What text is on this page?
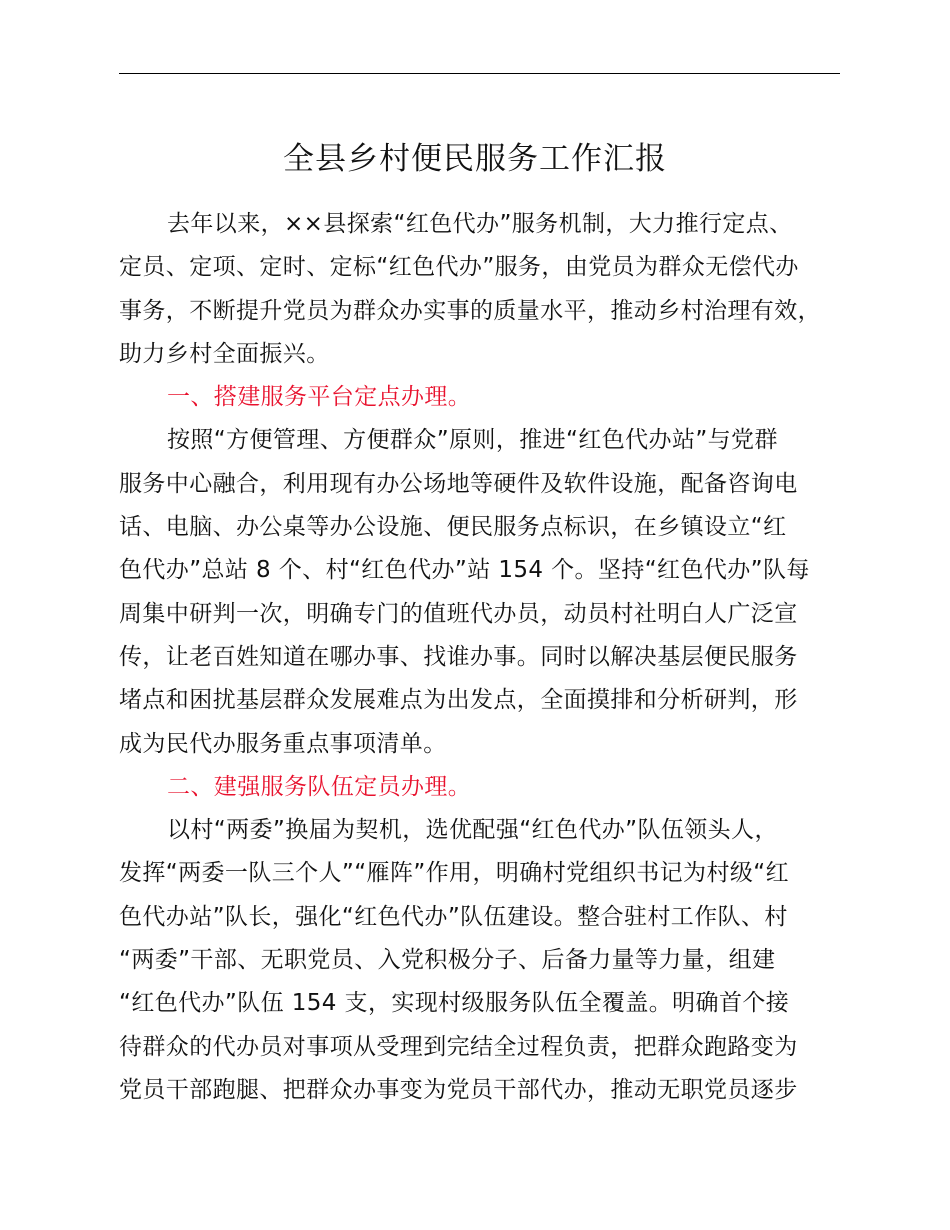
全县乡村便民服务工作汇报
去年以来，××县探索“红色代办”服务机制，大力推行定点、
定员、定项、定时、定标“红色代办”服务，由党员为群众无偿代办
事务，不断提升党员为群众办实事的质量水平，推动乡村治理有效，
助力乡村全面振兴。
一、搭建服务平台定点办理。
按照“方便管理、方便群众”原则，推进“红色代办站”与党群
服务中心融合，利用现有办公场地等硬件及软件设施，配备咨询电
话、电脑、办公桌等办公设施、便民服务点标识，在乡镇设立“红
色代办”总站 8 个、村“红色代办”站 154 个。坚持“红色代办”队每
周集中研判一次，明确专门的值班代办员，动员村社明白人广泛宣
传，让老百姓知道在哪办事、找谁办事。同时以解决基层便民服务
堵点和困扰基层群众发展难点为出发点，全面摸排和分析研判，形
成为民代办服务重点事项清单。
二、建强服务队伍定员办理。
以村“两委”换届为契机，选优配强“红色代办”队伍领头人，
发挥“两委一队三个人”“雁阵”作用，明确村党组织书记为村级“红
色代办站”队长，强化“红色代办”队伍建设。整合驻村工作队、村
“两委”干部、无职党员、入党积极分子、后备力量等力量，组建
“红色代办”队伍 154 支，实现村级服务队伍全覆盖。明确首个接
待群众的代办员对事项从受理到完结全过程负责，把群众跑路变为
党员干部跑腿、把群众办事变为党员干部代办，推动无职党员逐步
